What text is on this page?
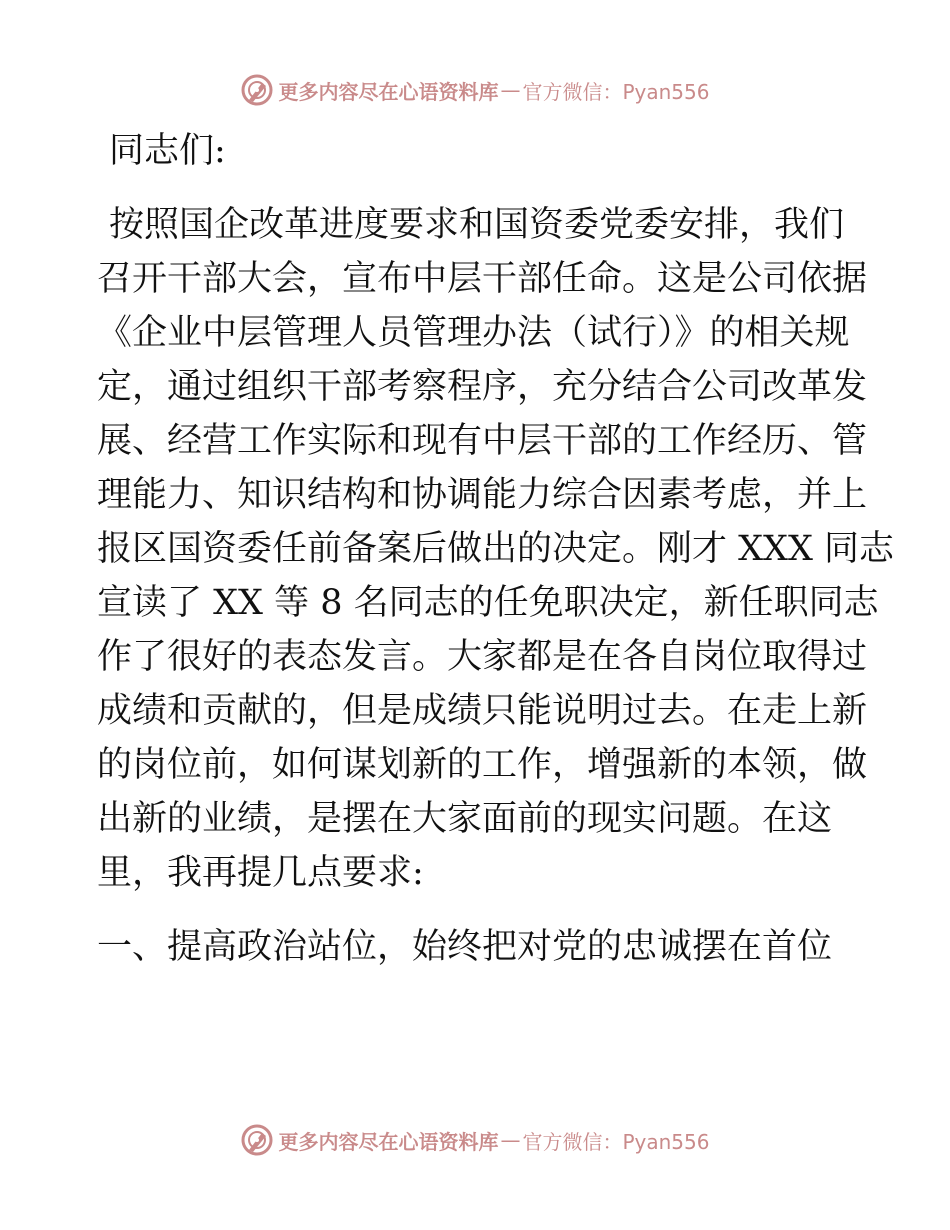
更多内容尽在心语资料库 — 官方微信：Pyan556
同志们:
按照国企改革进度要求和国资委党委安排，我们
召开干部大会，宣布中层干部任命。这是公司依据
《企业中层管理人员管理办法（试行）》的相关规
定，通过组织干部考察程序，充分结合公司改革发
展、经营工作实际和现有中层干部的工作经历、管
理能力、知识结构和协调能力综合因素考虑，并上
报区国资委任前备案后做出的决定。刚才 XXX 同志
宣读了 XX 等 8 名同志的任免职决定，新任职同志
作了很好的表态发言。大家都是在各自岗位取得过
成绩和贡献的，但是成绩只能说明过去。在走上新
的岗位前，如何谋划新的工作，增强新的本领，做
出新的业绩，是摆在大家面前的现实问题。在这
里，我再提几点要求:
一、提高政治站位，始终把对党的忠诚摆在首位
更多内容尽在心语资料库 — 官方微信：Pyan556
